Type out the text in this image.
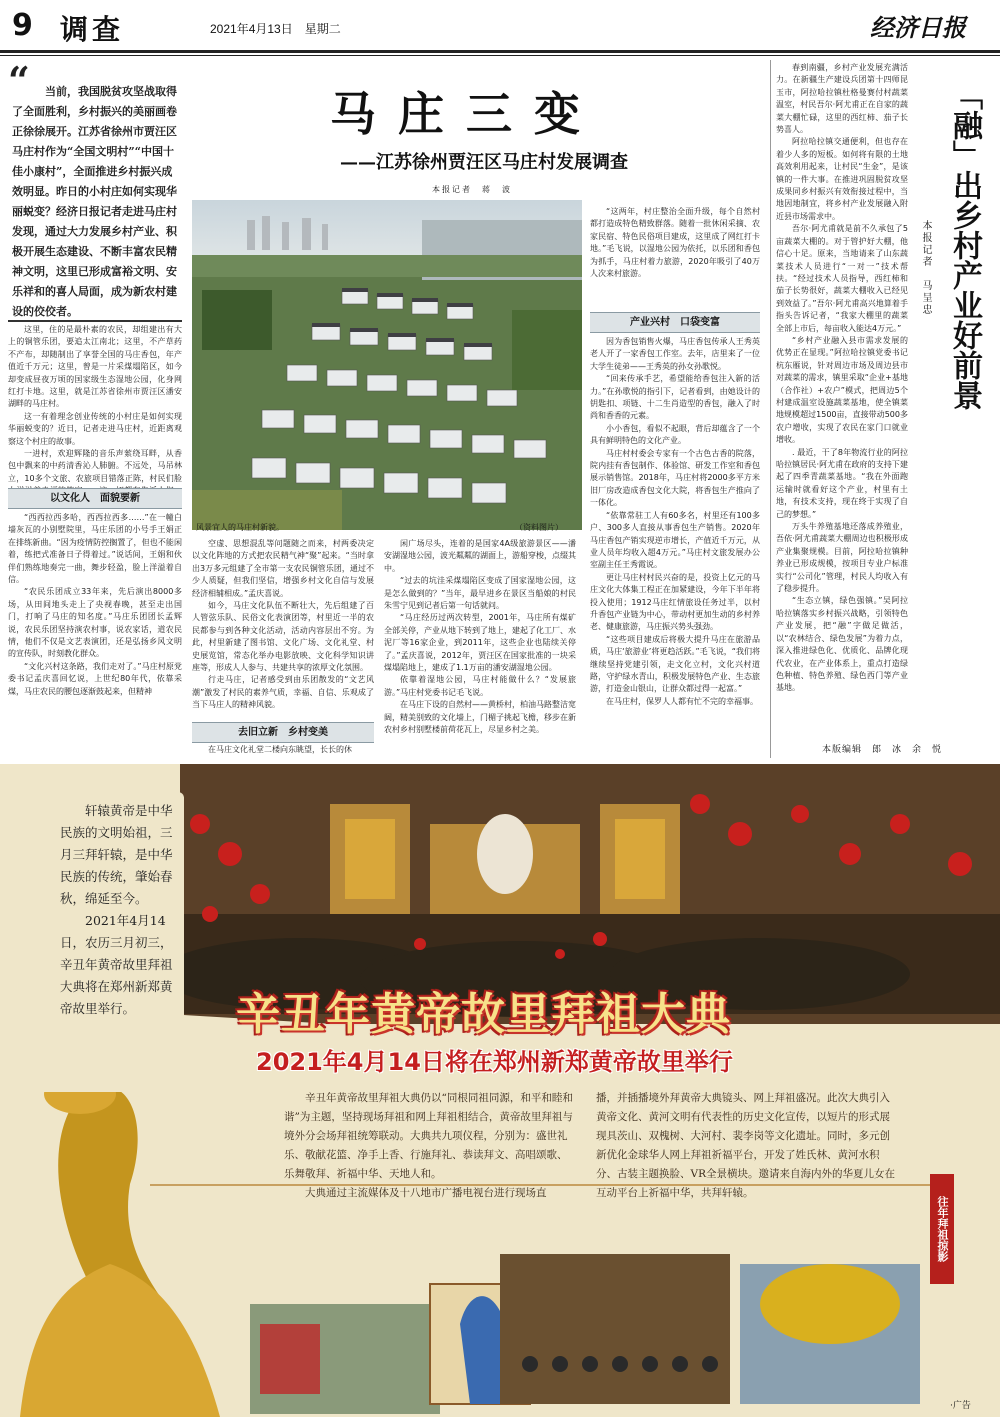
9 调查	2021年4月13日　星期二	经济日报
“	当前，我国脱贫攻坚战取得了全面胜利，乡村振兴的美丽画卷正徐徐展开。江苏省徐州市贾汪区马庄村作为“全国文明村”“中国十佳小康村”，全面推进乡村振兴成效明显。昨日的小村庄如何实现华丽蜕变？经济日报记者走进马庄村发现，通过大力发展乡村产业、积极开展生态建设、不断丰富农民精神文明，这里已形成富裕文明、安乐祥和的喜人局面，成为新农村建设的佼佼者。
马庄三变
——江苏徐州贾汪区马庄村发展调查
本报记者　蒋　波
风景宜人的马庄村新貌。	（资料图片）

这里，住的是最朴素的农民，却组建出有大上的铜管乐团，要追太江南北；这里，不产草药不产布，却随制出了享誉全国的马庄香包，年产值近千万元；这里，曾是一片采煤塌陷区，如今却变成昼夜万顷的国家级生态湿地公园，化身网红打卡地。这里，就是江苏省徐州市贾汪区潘安湖畔的马庄村。

这一有着理念创业传统的小村庄是如何实现华丽蜕变的？近日，记者走进马庄村，近距离观察这个村庄的故事。

一进村，欢迎辉隆的音乐声萦绕耳畔，从香包中飘来的中药清香沁人肺腑。不远处，马吊林立，10多个文旅、农旅项目错落正陈，村民们脸

以文化人　面貌要新

“西西拉西多哈，西西拉西多……”在一幢白墙灰瓦的小别墅院里，马庄乐团的小号手王娟正在排练新曲。“因为疫情防控搁置了，但也不能闲着，练把式准备日子得着过。”说话间，王娟和伙伴们熟练地奏完一曲，舞步轻盈，脸上洋溢着自信。

“农民乐团成立33年来，先后演出8000多场，从田间地头走上了央视春晚，甚至走出国门，打响了马庄的知名度。”马庄乐团团长孟辉说，农民乐团坚持演农村事，说农家话，道农民情，他们不仅是文艺表演团，还是弘扬乡风文明的宣传队，时刻教化群众。

“文化兴村这条路，我们走对了。”马庄村原党委书记孟庆喜回忆说，上世纪80年代，依靠采煤，马庄农民的腰包逐渐鼓起来，但精神

空虚、思想混乱等问题随之而来，村两委决定以文化阵地的方式把农民精气神“聚”起来。“当时拿出3万多元组建了全市第一支农民铜管乐团，通过不少人质疑，但我们坚信，增强乡村文化自信与发展经济相辅相成。”孟庆喜说。

如今，马庄文化队伍不断壮大，先后组建了百人管弦乐队、民俗文化表演团等，村里近一半的农民都参与到各种文化活动，活动内容层出不穷。为此，村里新建了图书馆、文化广场、文化礼堂、村史展览馆，常态化举办电影放映、文化科学知识讲座等，形成人人参与、共建共享的浓厚文化氛围。

行走马庄，记者感受到由乐团散发的“文艺风潮”激发了村民的素养气质，幸福、自信、乐观成了当下马庄人的精神风貌。

去旧立新　乡村变美

在马庄文化礼堂二楼向东眺望，长长的休

闲广场尽头，连着的是国家4A级旅游景区——潘安湖湿地公园，波光粼粼的湖面上，游船穿梭，点缀其中。

“过去的坑洼采煤塌陷区变成了国家湿地公园，这是怎么做到的？”当年，最早进乡在景区当船娘的村民朱雪宁见到记者后第一句话就问。

“马庄经历过两次转型，2001年，马庄所有煤矿全部关停，产业从地下转到了地上，建起了化工厂、水泥厂等16家企业，到2011年，这些企业也陆续关停了。”孟庆喜说，2012年，贾汪区在国家批准的一块采煤塌陷地上，建成了1.1万亩的潘安湖湿地公园。

依靠着湿地公园，马庄村能做什么？“发展旅游。”马庄村党委书记毛飞说。

在马庄下设的自然村——黄桥村，柏油马路整洁宽阔，精美别致的文化墙上，门楣子挑起飞檐，移步在新农村乡村别墅楼前荷花瓦上，尽显乡村之美。

“这两年，村庄整治全面升级，每个自然村都打造成特色精致群落。随着一批休闲采摘、农家民宿、特色民俗项目建成，这里成了网红打卡地。”毛飞说，以湿地公园为依托，以乐团和香包为抓手，马庄村着力旅游，2020年吸引了40万人次来村旅游。

产业兴村　口袋变富

因为香包销售火爆，马庄香包传承人王秀英老人开了一家香包工作室。去年，店里来了一位大学生徒弟——王秀英的孙女孙歌悦。

“回来传承手艺，希望能给香包注入新的活力。”在孙歌悦的指引下，记者看到，由她设计的钥匙扣、项链、十二生肖造型的香包，融入了时尚和香香的元素。

小小香包，看似不起眼，背后却蕴含了一个具有鲜明特色的文化产业。

马庄村村委会专家有一个古色古香的院落，院内挂有香包制作、体验馆、研发工作室和香包展示销售馆。2018年，马庄村将2000多平方米旧厂房改造成香包文化大院，将香包生产推向了一体化。

“依靠常驻工人有60多名，村里还有100多户、300多人直接从事香包生产销售。2020年马庄香包产销实现逆市增长，产值近千万元，从业人员年均收入超4万元。”马庄村文旅发展办公室副主任王秀霞说。

更让马庄村村民兴奋的是，投资上亿元的马庄文化大体集工程正在加紧建设，今年下半年将投入使用；1912马庄红情旅设任务过半，以村升香包产业链为中心，带动村更加生动的乡村养老、健康旅游，马庄振兴势头强劲。

“这些项目建成后将极大提升马庄在旅游品质，马庄‘旅游业’将更趋活跃。”毛飞说，“我们将继续坚持党建引领，走文化立村，文化兴村道路，守护绿水青山，积极发展特色产业、生态旅游，打造金山银山，让群众都过得一起富。”

在马庄村，保罗人人都有忙不完的幸福事。

春到南疆，乡村产业发展充满活力。在新疆生产建设兵团第十四师昆玉市，阿拉哈拉镇杜格曼赛付村蔬菜温室，村民吾尔·阿尤甫正在自家的蔬菜大棚忙碌，这里的西红柿、茄子长势喜人。

阿拉哈拉镇交通便利，但也存在着少人多的短板。如何将有限的土地高效利用起来，让村民“生金”，是该镇的一件大事。在推进巩固脱贫攻坚成果同乡村振兴有效衔接过程中，当地因地制宜，将乡村产业发展融入附近县市场需求中。

吾尔·阿尤甫就是前不久承包了5亩蔬菜大棚的。对于管护好大棚，他信心十足。原来，当地请来了山东蔬菜技术人员进行“一对一”技术帮扶。“经过技术人员指导，西红柿和茄子长势很好，蔬菜大棚收入已经见到效益了。”吾尔·阿尤甫高兴地算着手指头告诉记者，“我家大棚里的蔬菜全部上市后，每亩收入能达4万元。”

“乡村产业融入县市需求发展的优势正在显现。”阿拉哈拉镇党委书记杭东雁说，针对周边市场及周边县市对蔬菜的需求，镇里采取“企业+基地（合作社）+农户”模式，把周边5个村建成温室设施蔬菜基地，使全镇菜地规模超过1500亩，直接带动500多农户增收，实现了农民在家门口就业增收。

. 最近，干了8年物流行业的阿拉哈拉镇居民·阿尤甫在政府的支持下建起了四季青蔬菜基地。“我在外面跑运输时就看好这个产业，村里有土地，有技术支持，现在终于实现了自己的梦想。”

万头牛养殖基地还落成养殖业，吾依·阿尤甫蔬菜大棚周边也积极形成产业集聚规模。目前，阿拉哈拉镇种养业已形成规模，按项目专业户标准实行“公司化”管理，村民人均收入有了稳步提升。

“生态立镇，绿色强镇。”吴阿拉哈拉镇落实乡村振兴战略，引领特色产业发展，把“融”字做足做活，以“农林结合、绿色发展”为着力点，深入推进绿色化、优质化、品牌化现代农业，在产业体系上，重点打造绿色种植、特色养殖、绿色西门等产业基地。

「融」出乡村产业好前景
本报记者　马呈忠
本版编辑　郎　冰　余　悦

轩辕黄帝是中华民族的文明始祖，三月三拜轩辕，是中华民族的传统，肇始春秋，绵延至今。

2021年4月14日，农历三月初三，辛丑年黄帝故里拜祖大典将在郑州新郑黄帝故里举行。	辛丑年黄帝故里拜祖大典
2021年4月14日将在郑州新郑黄帝故里举行

辛丑年黄帝故里拜祖大典仍以“同根同祖同源，和平和睦和谐”为主题，坚持现场拜祖和网上拜祖相结合，黄帝故里拜祖与境外分会场拜祖统筹联动。大典共九项仪程，分别为：盛世礼乐、敬献花篮、净手上香、行施拜礼、恭读拜文、高唱颂歌、乐舞敬拜、祈福中华、天地人和。

大典通过主流媒体及十八地市广播电视台进行现场直

播，并插播境外拜黄帝大典镜头、网上拜祖盛况。此次大典引入黄帝文化、黄河文明有代表性的历史文化宣传，以短片的形式展现具茨山、双槐树、大河村、裴李岗等文化遗址。同时，多元创新优化金球华人网上拜祖祈福平台，开发了姓氏林、黄河水积分、古装主题换脸、VR全景横块。邀请来自海内外的华夏儿女在互动平台上祈福中华，共拜轩辕。

往年拜祖掠影
·广告
